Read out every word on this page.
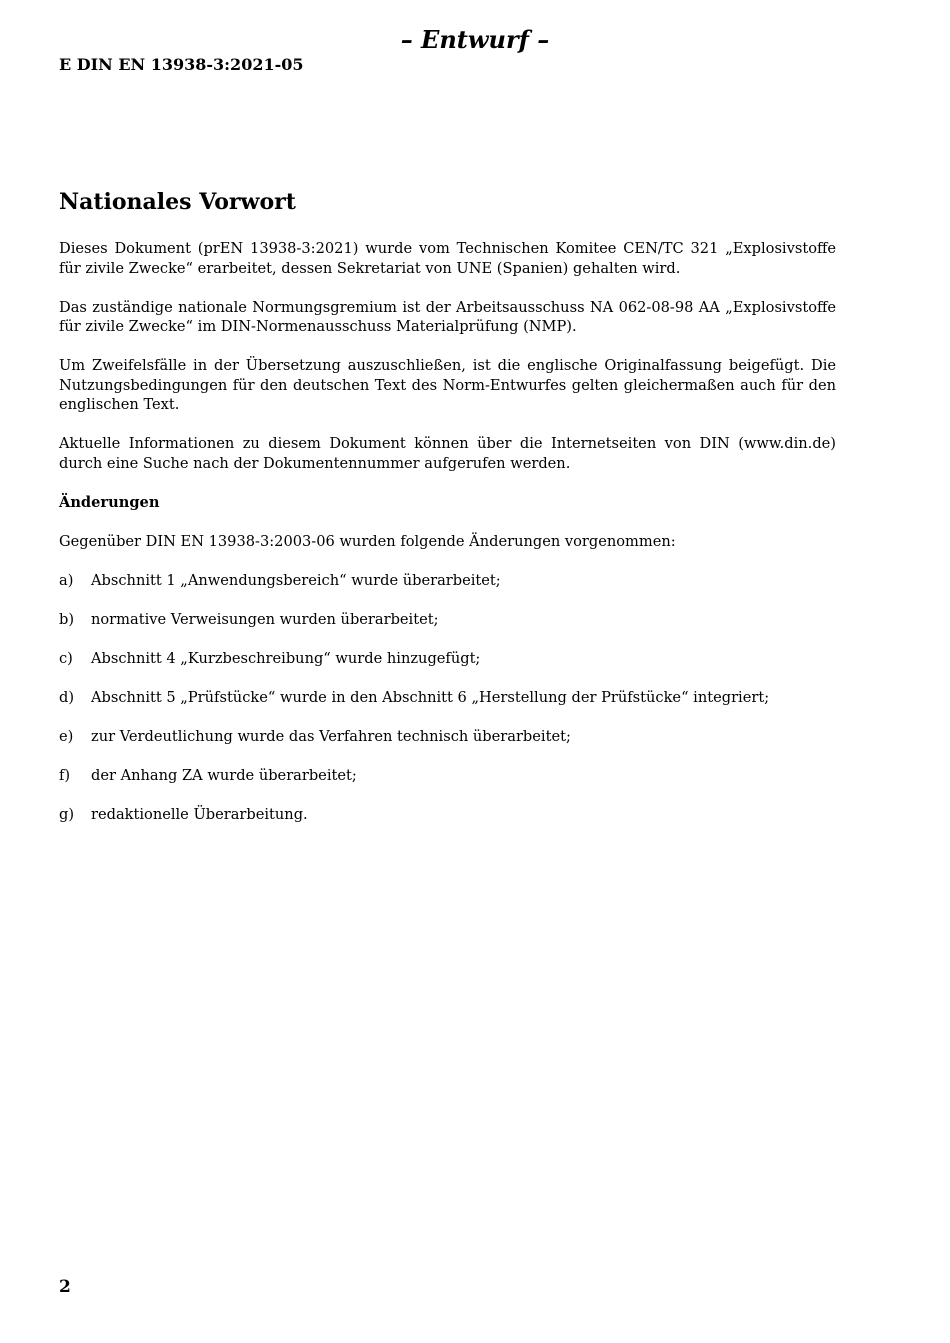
– Entwurf –
E DIN EN 13938-3:2021-05
Nationales Vorwort

Dieses Dokument (prEN 13938-3:2021) wurde vom Technischen Komitee CEN/TC 321 „Explosivstoffe für zivile Zwecke“ erarbeitet, dessen Sekretariat von UNE (Spanien) gehalten wird.

Das zuständige nationale Normungsgremium ist der Arbeitsausschuss NA 062-08-98 AA „Explosivstoffe für zivile Zwecke“ im DIN-Normenausschuss Materialprüfung (NMP).

Um Zweifelsfälle in der Übersetzung auszuschließen, ist die englische Originalfassung beigefügt. Die Nutzungsbedingungen für den deutschen Text des Norm-Entwurfes gelten gleichermaßen auch für den englischen Text.

Aktuelle Informationen zu diesem Dokument können über die Internetseiten von DIN (www.din.de) durch eine Suche nach der Dokumentennummer aufgerufen werden.

Änderungen

Gegenüber DIN EN 13938-3:2003-06 wurden folgende Änderungen vorgenommen:

a)	Abschnitt 1 „Anwendungsbereich“ wurde überarbeitet;
b)	normative Verweisungen wurden überarbeitet;
c)	Abschnitt 4 „Kurzbeschreibung“ wurde hinzugefügt;
d)	Abschnitt 5 „Prüfstücke“ wurde in den Abschnitt 6 „Herstellung der Prüfstücke“ integriert;
e)	zur Verdeutlichung wurde das Verfahren technisch überarbeitet;
f)	der Anhang ZA wurde überarbeitet;
g)	redaktionelle Überarbeitung.
2
